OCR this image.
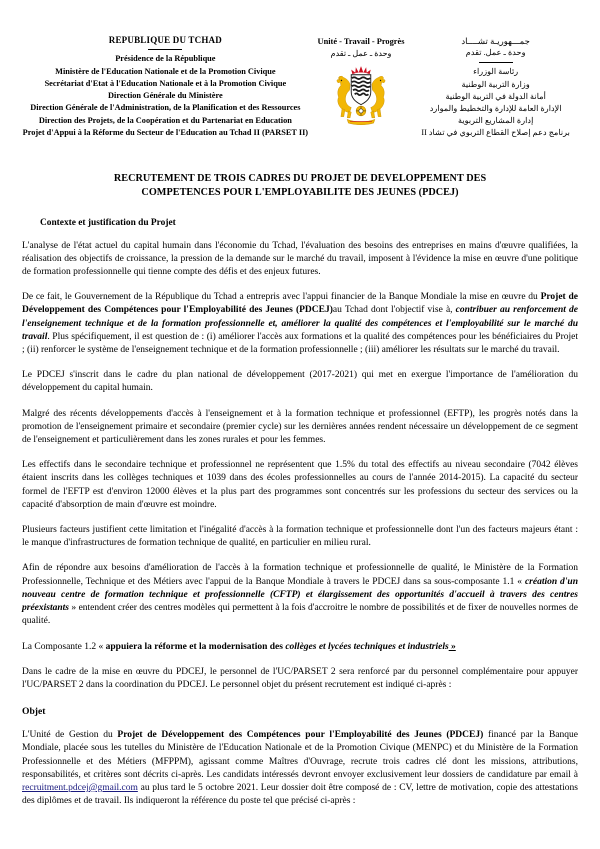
REPUBLIQUE DU TCHAD
Présidence de la République
Ministère de l'Education Nationale et de la Promotion Civique
Secrétariat d'Etat à l'Education Nationale et à la Promotion Civique
Direction Générale du Ministère
Direction Générale de l'Administration, de la Planification et des Ressources
Direction des Projets, de la Coopération et du Partenariat en Education
Projet d'Appui à la Réforme du Secteur de l'Education au Tchad II (PARSET II)
Unité - Travail - Progrès
وحدة ـ عمل ـ تقدم
جمـــهوريـة تشــــاد
وحدة ـ عمل. تقدم
رئاسة الوزراء
وزارة التربية الوطنية
أمانة الدولة في التربية الوطنية
الإدارة العامة للإدارة والتخطيط والموارد
إدارة المشاريع التربوية
برنامج دعم إصلاح القطاع التربوي في تشاد II
RECRUTEMENT DE TROIS CADRES DU PROJET DE DEVELOPPEMENT DES
COMPETENCES POUR L'EMPLOYABILITE DES JEUNES (PDCEJ)
Contexte et justification du Projet

L'analyse de l'état actuel du capital humain dans l'économie du Tchad, l'évaluation des besoins des entreprises en mains d'œuvre qualifiées, la réalisation des objectifs de croissance, la pression de la demande sur le marché du travail, imposent à l'évidence la mise en œuvre d'une politique de formation professionnelle qui tienne compte des défis et des enjeux futures.

De ce fait, le Gouvernement de la République du Tchad a entrepris avec l'appui financier de la Banque Mondiale la mise en œuvre du Projet de Développement des Compétences pour l'Employabilité des Jeunes (PDCEJ)au Tchad dont l'objectif vise à, contribuer au renforcement de l'enseignement technique et de la formation professionnelle et, améliorer la qualité des compétences et l'employabilité sur le marché du travail. Plus spécifiquement, il est question de : (i) améliorer l'accès aux formations et la qualité des compétences pour les bénéficiaires du Projet ; (ii) renforcer le système de l'enseignement technique et de la formation professionnelle ; (iii) améliorer les résultats sur le marché du travail.

Le PDCEJ s'inscrit dans le cadre du plan national de développement (2017-2021) qui met en exergue l'importance de l'amélioration du développement du capital humain.

Malgré des récents développements d'accès à l'enseignement et à la formation technique et professionnel (EFTP), les progrès notés dans la promotion de l'enseignement primaire et secondaire (premier cycle) sur les dernières années rendent nécessaire un développement de ce segment de l'enseignement et particulièrement dans les zones rurales et pour les femmes.

Les effectifs dans le secondaire technique et professionnel ne représentent que 1.5% du total des effectifs au niveau secondaire (7042 élèves étaient inscrits dans les collèges techniques et 1039 dans des écoles professionnelles au cours de l'année 2014-2015). La capacité du secteur formel de l'EFTP est d'environ 12000 élèves et la plus part des programmes sont concentrés sur les professions du secteur des services ou la capacité d'absorption de main d'œuvre est moindre.

Plusieurs facteurs justifient cette limitation et l'inégalité d'accès à la formation technique et professionnelle dont l'un des facteurs majeurs étant : le manque d'infrastructures de formation technique de qualité, en particulier en milieu rural.

Afin de répondre aux besoins d'amélioration de l'accès à la formation technique et professionnelle de qualité, le Ministère de la Formation Professionnelle, Technique et des Métiers avec l'appui de la Banque Mondiale à travers le PDCEJ dans sa sous-composante 1.1 « création d'un nouveau centre de formation technique et professionnelle (CFTP) et élargissement des opportunités d'accueil à travers des centres préexistants » entendent créer des centres modèles qui permettent à la fois d'accroitre le nombre de possibilités et de fixer de nouvelles normes de qualité.

La Composante 1.2 « appuiera la réforme et la modernisation des collèges et lycées techniques et industriels »

Dans le cadre de la mise en œuvre du PDCEJ, le personnel de l'UC/PARSET 2 sera renforcé par du personnel complémentaire pour appuyer l'UC/PARSET 2 dans la coordination du PDCEJ. Le personnel objet du présent recrutement est indiqué ci-après :

Objet

L'Unité de Gestion du Projet de Développement des Compétences pour l'Employabilité des Jeunes (PDCEJ) financé par la Banque Mondiale, placée sous les tutelles du Ministère de l'Education Nationale et de la Promotion Civique (MENPC) et du Ministère de la Formation Professionnelle et des Métiers (MFPPM), agissant comme Maîtres d'Ouvrage, recrute trois cadres clé dont les missions, attributions, responsabilités, et critères sont décrits ci-après. Les candidats intéressés devront envoyer exclusivement leur dossiers de candidature par email à recruitment.pdcej@gmail.com au plus tard le 5 octobre 2021. Leur dossier doit être composé de : CV, lettre de motivation, copie des attestations des diplômes et de travail. Ils indiqueront la référence du poste tel que précisé ci-après :
